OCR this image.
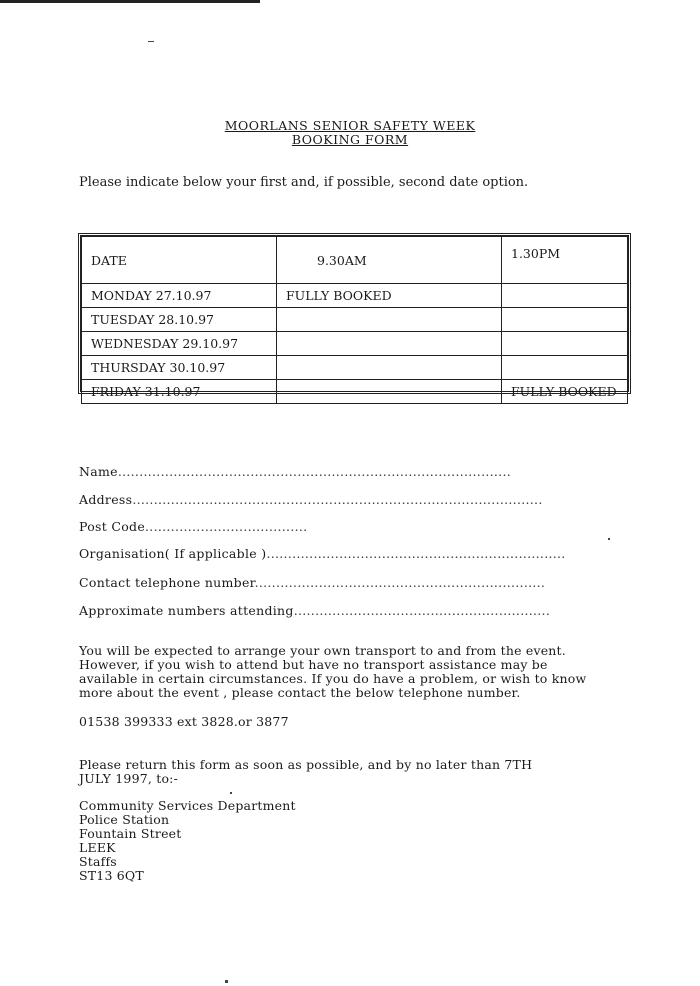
MOORLANS SENIOR SAFETY WEEK
BOOKING FORM
Please indicate below your first and, if possible, second date option.
DATE	9.30AM	1.30PM
MONDAY 27.10.97	FULLY BOOKED	
TUESDAY 28.10.97		
WEDNESDAY 29.10.97		
THURSDAY 30.10.97		
FRIDAY 31.10.97		FULLY BOOKED
Name............................................................................................
Address................................................................................................
Post Code......................................
Organisation( If applicable )......................................................................
Contact telephone number....................................................................
Approximate numbers attending............................................................
You will be expected to arrange your own transport to and from the event.
However, if you wish to attend but have no transport assistance may be
available in certain circumstances. If you do have a problem, or wish to know
more about the event , please contact the below telephone number.
01538 399333 ext 3828.or 3877
Please return this form as soon as possible, and by no later than 7TH
JULY 1997, to:-
Community Services Department
Police Station
Fountain Street
LEEK
Staffs
ST13 6QT
